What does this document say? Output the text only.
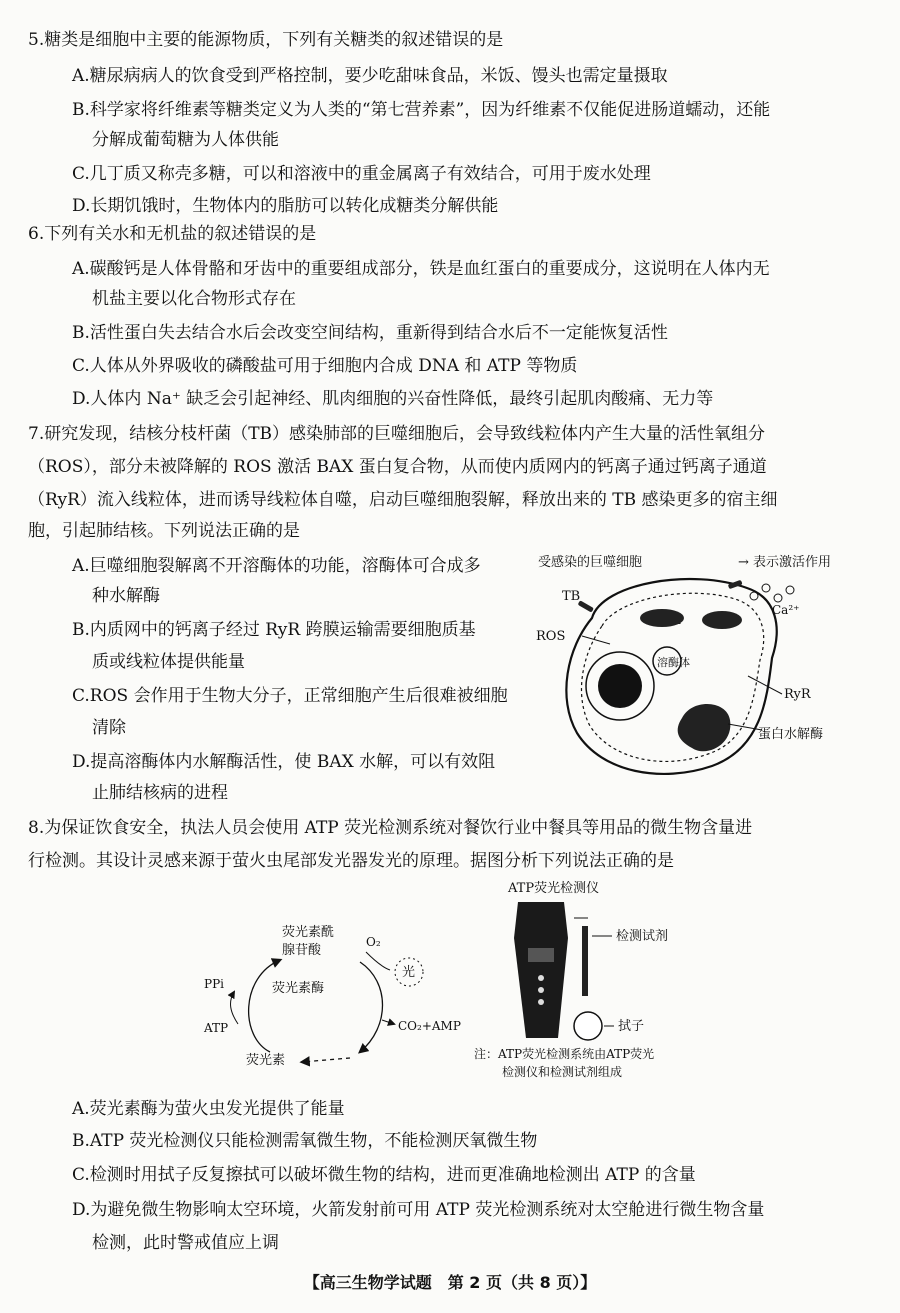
5.糖类是细胞中主要的能源物质，下列有关糖类的叙述错误的是
A.糖尿病病人的饮食受到严格控制，要少吃甜味食品，米饭、馒头也需定量摄取
B.科学家将纤维素等糖类定义为人类的“第七营养素”，因为纤维素不仅能促进肠道蠕动，还能
分解成葡萄糖为人体供能
C.几丁质又称壳多糖，可以和溶液中的重金属离子有效结合，可用于废水处理
D.长期饥饿时，生物体内的脂肪可以转化成糖类分解供能
6.下列有关水和无机盐的叙述错误的是
A.碳酸钙是人体骨骼和牙齿中的重要组成部分，铁是血红蛋白的重要成分，这说明在人体内无
机盐主要以化合物形式存在
B.活性蛋白失去结合水后会改变空间结构，重新得到结合水后不一定能恢复活性
C.人体从外界吸收的磷酸盐可用于细胞内合成 DNA 和 ATP 等物质
D.人体内 Na⁺ 缺乏会引起神经、肌肉细胞的兴奋性降低，最终引起肌肉酸痛、无力等
7.研究发现，结核分枝杆菌（TB）感染肺部的巨噬细胞后，会导致线粒体内产生大量的活性氧组分
（ROS），部分未被降解的 ROS 激活 BAX 蛋白复合物，从而使内质网内的钙离子通过钙离子通道
（RyR）流入线粒体，进而诱导线粒体自噬，启动巨噬细胞裂解，释放出来的 TB 感染更多的宿主细
胞，引起肺结核。下列说法正确的是
A.巨噬细胞裂解离不开溶酶体的功能，溶酶体可合成多
种水解酶
B.内质网中的钙离子经过 RyR 跨膜运输需要细胞质基
质或线粒体提供能量
C.ROS 会作用于生物大分子，正常细胞产生后很难被细胞
清除
D.提高溶酶体内水解酶活性，使 BAX 水解，可以有效阻
止肺结核病的进程
受感染的巨噬细胞	→ 表示激活作用
TB
ROS
Ca²⁺
溶酶体
RyR
蛋白水解酶
8.为保证饮食安全，执法人员会使用 ATP 荧光检测系统对餐饮行业中餐具等用品的微生物含量进
行检测。其设计灵感来源于萤火虫尾部发光器发光的原理。据图分析下列说法正确的是
荧光素酰
腺苷酸
O₂
光
PPi	荧光素酶
ATP	CO₂+AMP
荧光素
ATP荧光检测仪
检测试剂
拭子
注：ATP荧光检测系统由ATP荧光
检测仪和检测试剂组成
A.荧光素酶为萤火虫发光提供了能量
B.ATP 荧光检测仪只能检测需氧微生物，不能检测厌氧微生物
C.检测时用拭子反复擦拭可以破坏微生物的结构，进而更准确地检测出 ATP 的含量
D.为避免微生物影响太空环境，火箭发射前可用 ATP 荧光检测系统对太空舱进行微生物含量
检测，此时警戒值应上调
【高三生物学试题　第 2 页（共 8 页）】
